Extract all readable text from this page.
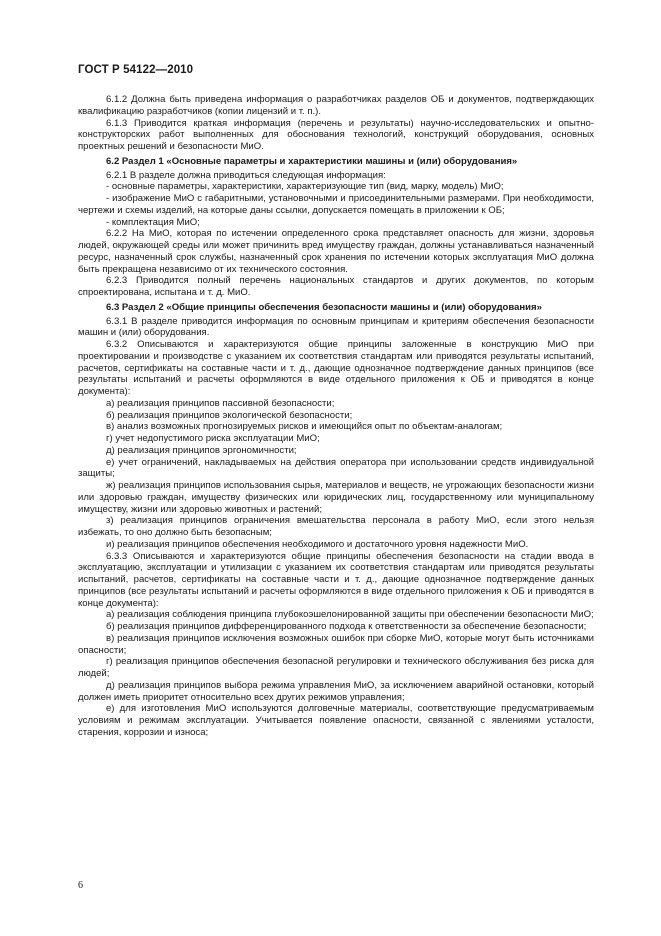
ГОСТ Р 54122—2010

6.1.2 Должна быть приведена информация о разработчиках разделов ОБ и документов, подтверждающих квалификацию разработчиков (копии лицензий и т. п.).

6.1.3 Приводится краткая информация (перечень и результаты) научно-исследовательских и опытно-конструкторских работ выполненных для обоснования технологий, конструкций оборудования, основных проектных решений и безопасности МиО.

6.2 Раздел 1 «Основные параметры и характеристики машины и (или) оборудования»

6.2.1 В разделе должна приводиться следующая информация:

- основные параметры, характеристики, характеризующие тип (вид, марку, модель) МиО;

- изображение МиО с габаритными, установочными и присоединительными размерами. При необходимости, чертежи и схемы изделий, на которые даны ссылки, допускается помещать в приложении к ОБ;

- комплектация МиО;

6.2.2 На МиО, которая по истечении определенного срока представляет опасность для жизни, здоровья людей, окружающей среды или может причинить вред имуществу граждан, должны устанавливаться назначенный ресурс, назначенный срок службы, назначенный срок хранения по истечении которых эксплуатация МиО должна быть прекращена независимо от их технического состояния.

6.2.3 Приводится полный перечень национальных стандартов и других документов, по которым спроектирована, испытана и т. д. МиО.

6.3 Раздел 2 «Общие принципы обеспечения безопасности машины и (или) оборудования»

6.3.1 В разделе приводится информация по основным принципам и критериям обеспечения безопасности машин и (или) оборудования.

6.3.2 Описываются и характеризуются общие принципы заложенные в конструкцию МиО при проектировании и производстве с указанием их соответствия стандартам или приводятся результаты испытаний, расчетов, сертификаты на составные части и т. д., дающие однозначное подтверждение данных принципов (все результаты испытаний и расчеты оформляются в виде отдельного приложения к ОБ и приводятся в конце документа):

а) реализация принципов пассивной безопасности;

б) реализация принципов экологической безопасности;

в) анализ возможных прогнозируемых рисков и имеющийся опыт по объектам-аналогам;

г) учет недопустимого риска эксплуатации МиО;

д) реализация принципов эргономичности;

е) учет ограничений, накладываемых на действия оператора при использовании средств индивидуальной защиты;

ж) реализация принципов использования сырья, материалов и веществ, не угрожающих безопасности жизни или здоровью граждан, имуществу физических или юридических лиц, государственному или муниципальному имуществу, жизни или здоровью животных и растений;

з) реализация принципов ограничения вмешательства персонала в работу МиО, если этого нельзя избежать, то оно должно быть безопасным;

и) реализация принципов обеспечения необходимого и достаточного уровня надежности МиО.

6.3.3 Описываются и характеризуются общие принципы обеспечения безопасности на стадии ввода в эксплуатацию, эксплуатации и утилизации с указанием их соответствия стандартам или приводятся результаты испытаний, расчетов, сертификаты на составные части и т. д., дающие однозначное подтверждение данных принципов (все результаты испытаний и расчеты оформляются в виде отдельного приложения к ОБ и приводятся в конце документа):

а) реализация соблюдения принципа глубокоэшелонированной защиты при обеспечении безопасности МиО;

б) реализация принципов дифференцированного подхода к ответственности за обеспечение безопасности;

в) реализация принципов исключения возможных ошибок при сборке МиО, которые могут быть источниками опасности;

г) реализация принципов обеспечения безопасной регулировки и технического обслуживания без риска для людей;

д) реализация принципов выбора режима управления МиО, за исключением аварийной остановки, который должен иметь приоритет относительно всех других режимов управления;

е) для изготовления МиО используются долговечные материалы, соответствующие предусматриваемым условиям и режимам эксплуатации. Учитывается появление опасности, связанной с явлениями усталости, старения, коррозии и износа;

6
